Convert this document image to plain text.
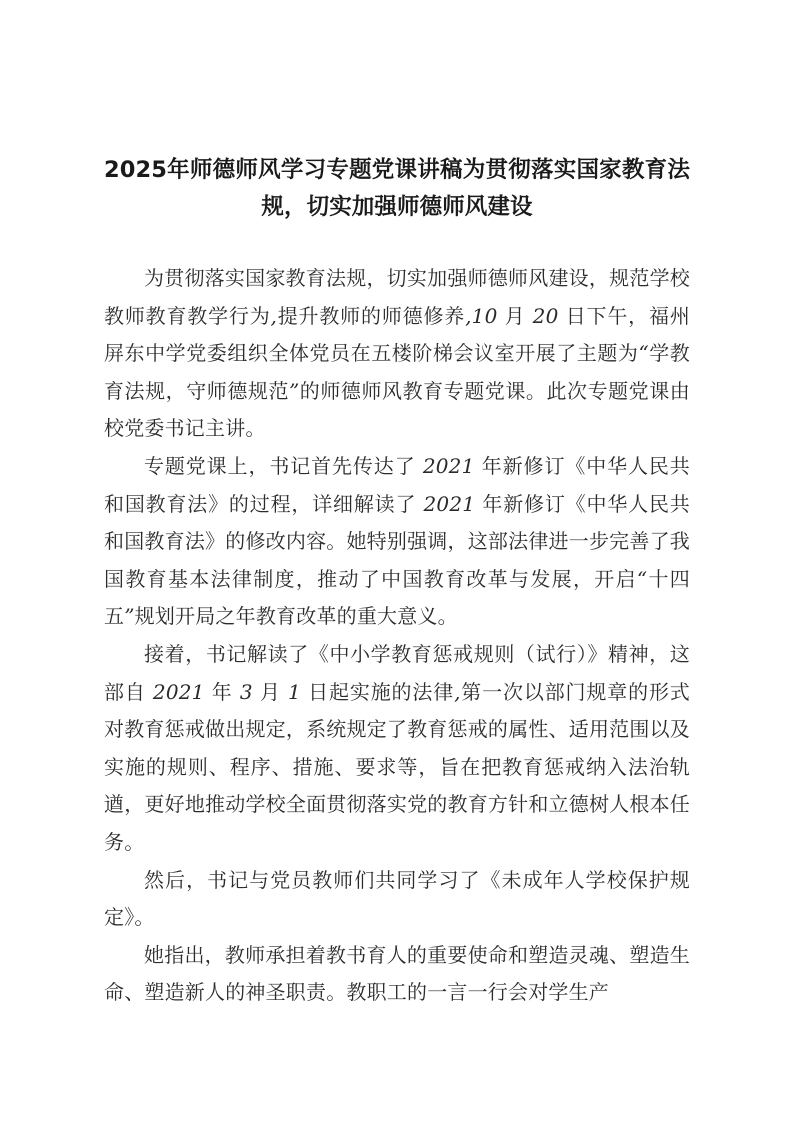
2025年师德师风学习专题党课讲稿为贯彻落实国家教育法规，切实加强师德师风建设

为贯彻落实国家教育法规，切实加强师德师风建设，规范学校教师教育教学行为,提升教师的师德修养,10 月 20 日下午，福州屏东中学党委组织全体党员在五楼阶梯会议室开展了主题为“学教育法规，守师德规范”的师德师风教育专题党课。此次专题党课由校党委书记主讲。

专题党课上，书记首先传达了 2021 年新修订《中华人民共和国教育法》的过程，详细解读了 2021 年新修订《中华人民共和国教育法》的修改内容。她特别强调，这部法律进一步完善了我国教育基本法律制度，推动了中国教育改革与发展，开启“十四五”规划开局之年教育改革的重大意义。

接着，书记解读了《中小学教育惩戒规则（试行）》精神，这部自 2021 年 3 月 1 日起实施的法律,第一次以部门规章的形式对教育惩戒做出规定，系统规定了教育惩戒的属性、适用范围以及实施的规则、程序、措施、要求等，旨在把教育惩戒纳入法治轨遒，更好地推动学校全面贯彻落实党的教育方针和立德树人根本任务。

然后，书记与党员教师们共同学习了《未成年人学校保护规定》。

她指出，教师承担着教书育人的重要使命和塑造灵魂、塑造生命、塑造新人的神圣职责。教职工的一言一行会对学生产
